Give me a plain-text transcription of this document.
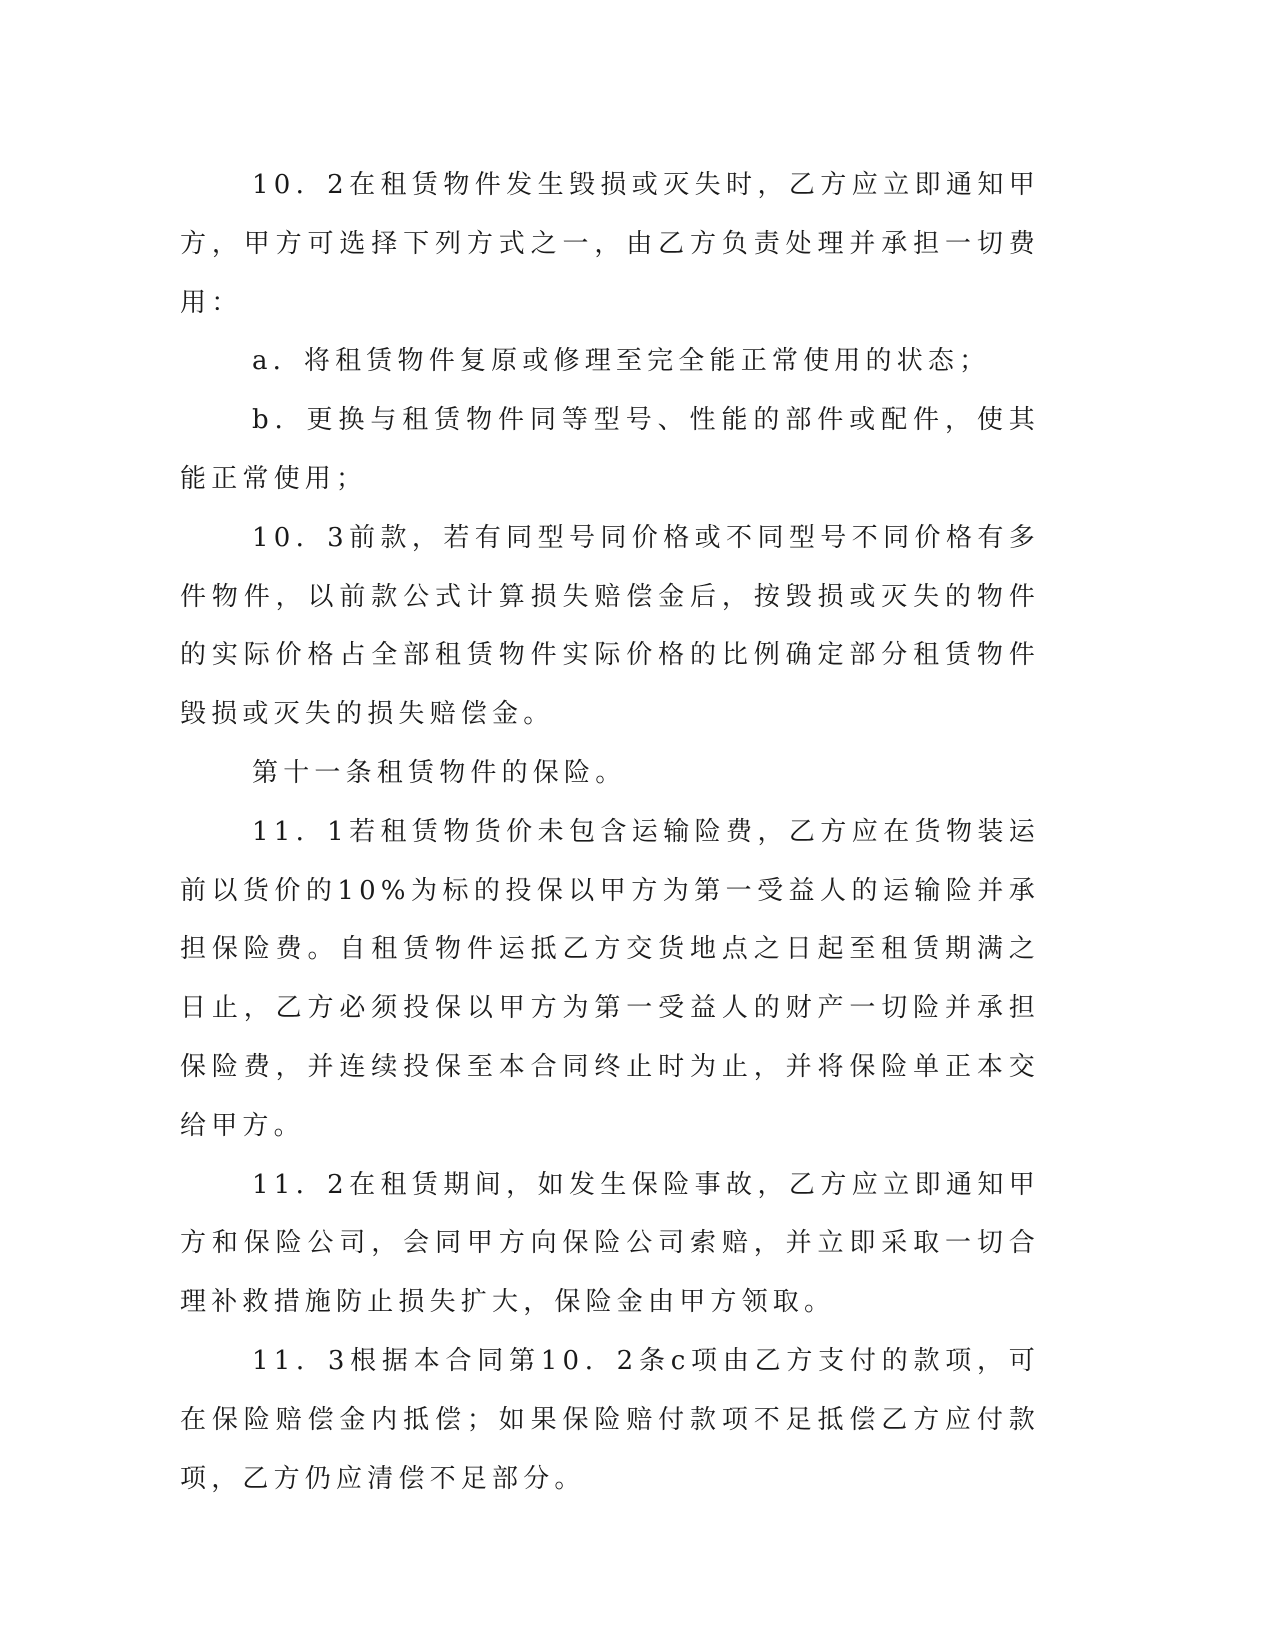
10．2在租赁物件发生毁损或灭失时，乙方应立即通知甲方，甲方可选择下列方式之一，由乙方负责处理并承担一切费用：

a．将租赁物件复原或修理至完全能正常使用的状态；

b．更换与租赁物件同等型号、性能的部件或配件，使其能正常使用；

10．3前款，若有同型号同价格或不同型号不同价格有多件物件，以前款公式计算损失赔偿金后，按毁损或灭失的物件的实际价格占全部租赁物件实际价格的比例确定部分租赁物件毁损或灭失的损失赔偿金。

第十一条租赁物件的保险。

11．1若租赁物货价未包含运输险费，乙方应在货物装运前以货价的10%为标的投保以甲方为第一受益人的运输险并承担保险费。自租赁物件运抵乙方交货地点之日起至租赁期满之日止，乙方必须投保以甲方为第一受益人的财产一切险并承担保险费，并连续投保至本合同终止时为止，并将保险单正本交给甲方。

11．2在租赁期间，如发生保险事故，乙方应立即通知甲方和保险公司，会同甲方向保险公司索赔，并立即采取一切合理补救措施防止损失扩大，保险金由甲方领取。

11．3根据本合同第10．2条c项由乙方支付的款项，可在保险赔偿金内抵偿；如果保险赔付款项不足抵偿乙方应付款项，乙方仍应清偿不足部分。
